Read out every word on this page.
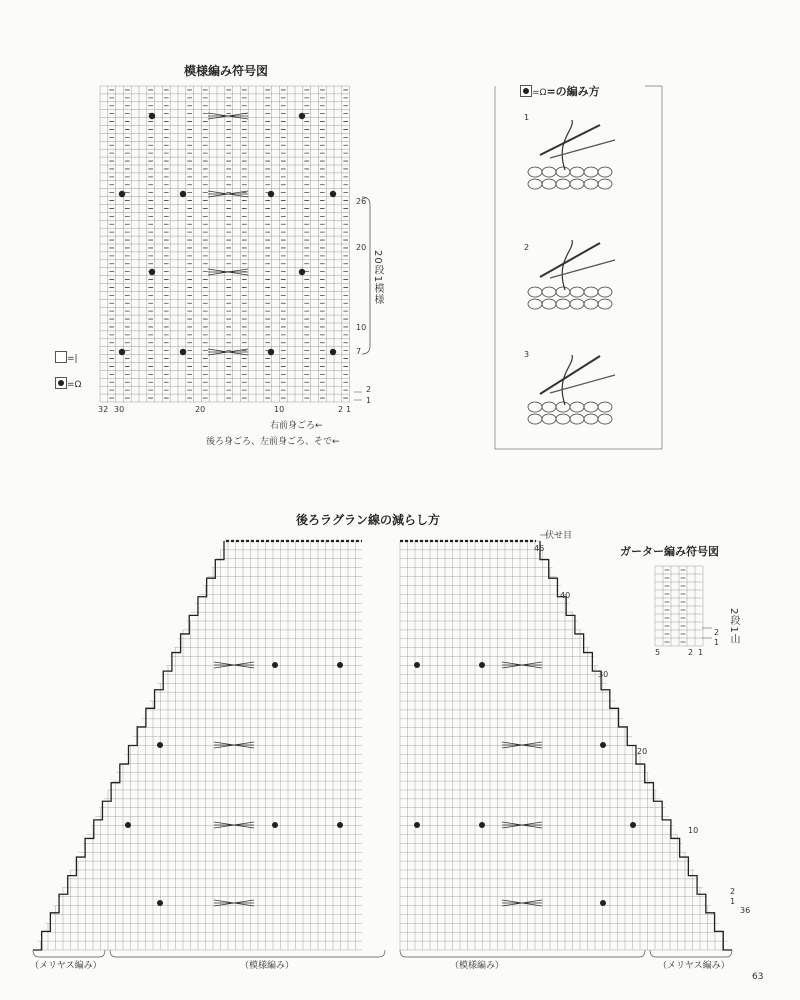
模様編み符号図
26
20
10
7
2
1
20段1模様
32 30	20	10	2 1
右前身ごろ←
後ろ身ごろ、左前身ごろ、そで←
=|
=Ω
=Ω=の編み方
1
2
3
後ろラグラン線の減らし方
伏せ目
46
40
30
20
10
2
1
36
（メリヤス編み）	（模様編み）	（模様編み）	（メリヤス編み）
ガーター編み符号図
5	2 1
2
1 2段1山
63
